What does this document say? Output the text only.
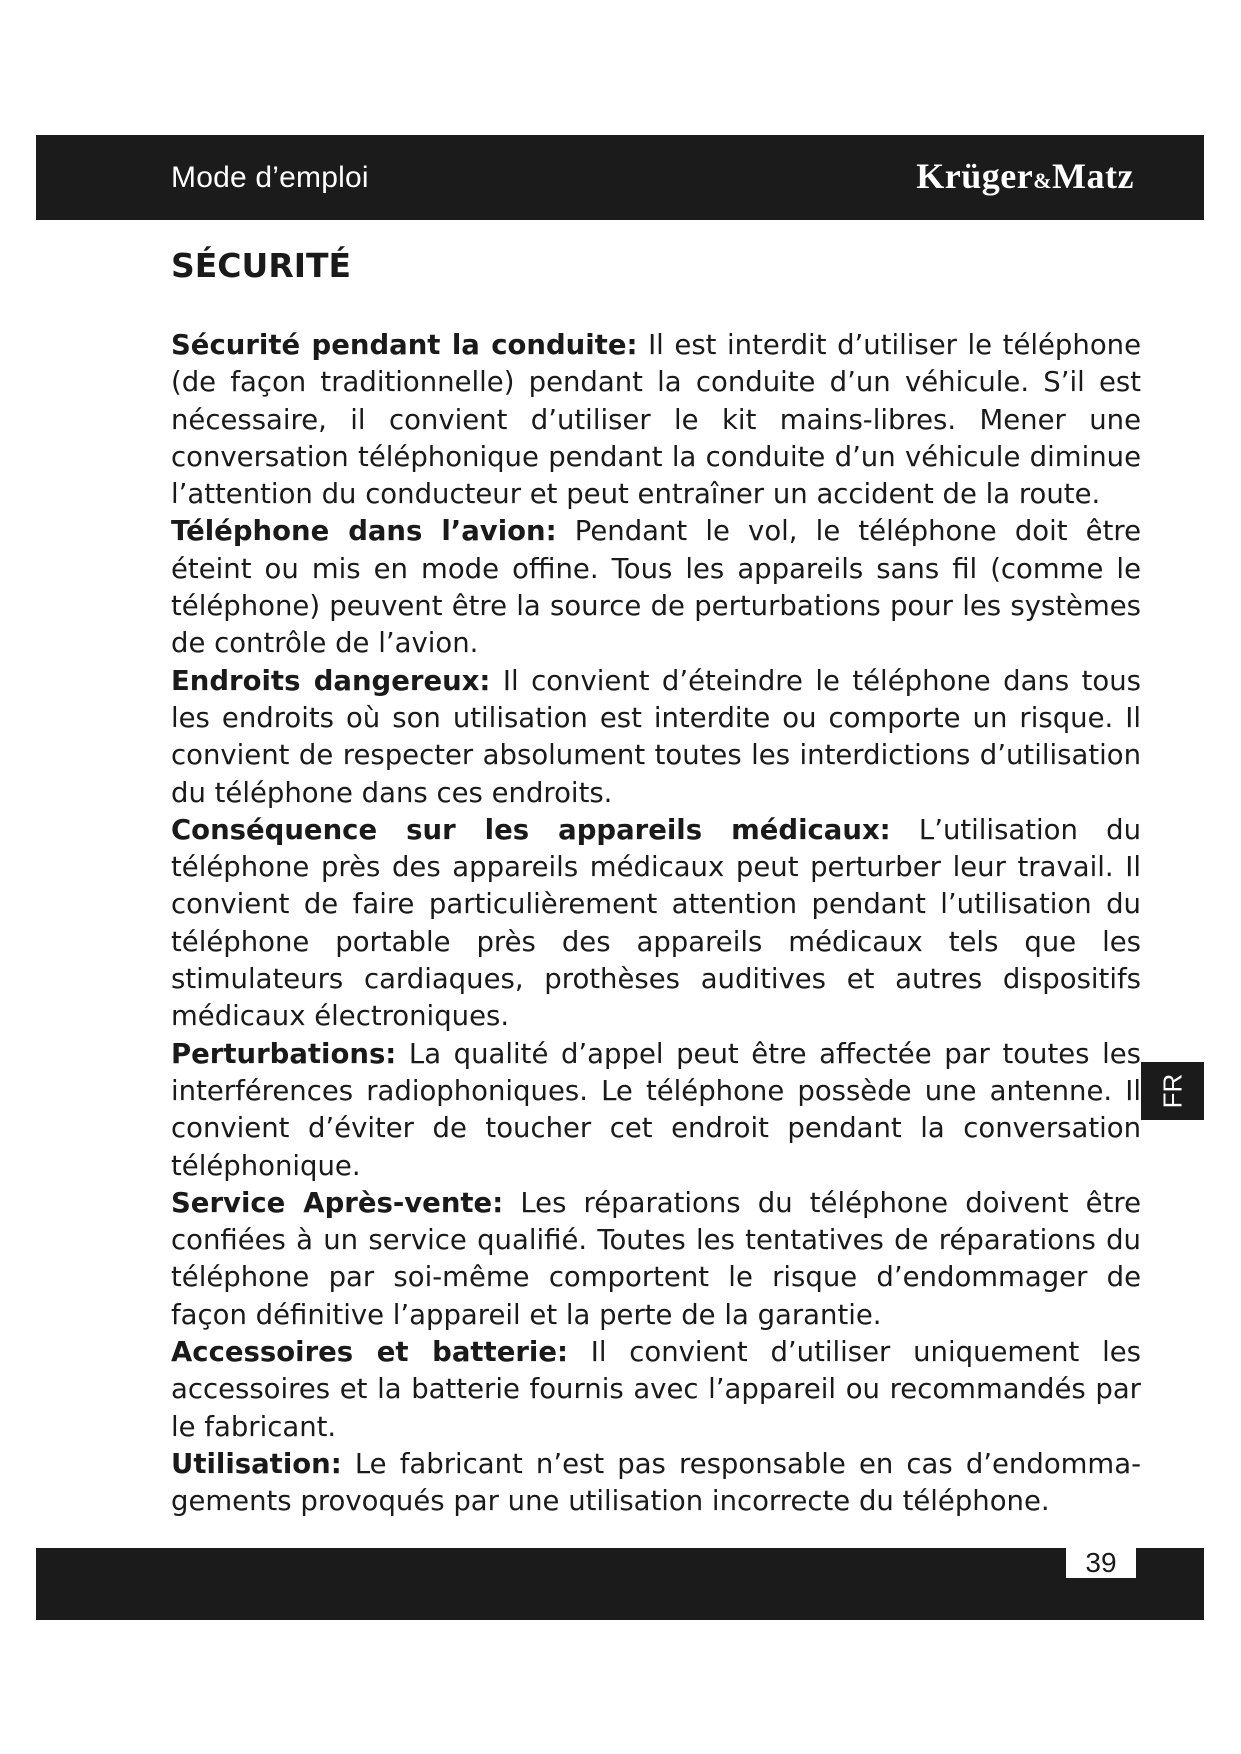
Mode d’emploi	Krüger&Matz
SÉCURITÉ

Sécurité pendant la conduite: Il est interdit d’utiliser le téléphone (de façon traditionnelle) pendant la conduite d’un véhicule. S’il est nécessaire, il convient d’utiliser le kit mains-libres. Mener une conversation téléphonique pendant la conduite d’un véhicule diminue l’attention du conducteur et peut entraîner un accident de la route.

Téléphone dans l’avion: Pendant le vol, le téléphone doit être éteint ou mis en mode offine. Tous les appareils sans fil (comme le téléphone) peuvent être la source de perturbations pour les systèmes de contrôle de l’avion.

Endroits dangereux: Il convient d’éteindre le téléphone dans tous les endroits où son utilisation est interdite ou comporte un risque. Il convient de respecter absolument toutes les interdictions d’utilisation du téléphone dans ces endroits.

Conséquence sur les appareils médicaux: L’utilisation du téléphone près des appareils médicaux peut perturber leur travail. Il convient de faire particulièrement attention pendant l’utilisation du téléphone portable près des appareils médicaux tels que les stimulateurs cardiaques, prothèses auditives et autres dispositifs médicaux électroniques.

Perturbations: La qualité d’appel peut être affectée par toutes les interférences radiophoniques. Le téléphone possède une antenne. Il convient d’éviter de toucher cet endroit pendant la conversation téléphonique.

Service Après-vente: Les réparations du téléphone doivent être confiées à un service qualifié. Toutes les tentatives de réparations du téléphone par soi-même comportent le risque d’endommager de façon définitive l’appareil et la perte de la garantie.

Accessoires et batterie: Il convient d’utiliser uniquement les accessoires et la batterie fournis avec l’appareil ou recommandés par le fabricant.

Utilisation: Le fabricant n’est pas responsable en cas d’endomma-gements provoqués par une utilisation incorrecte du téléphone.

FR
39
